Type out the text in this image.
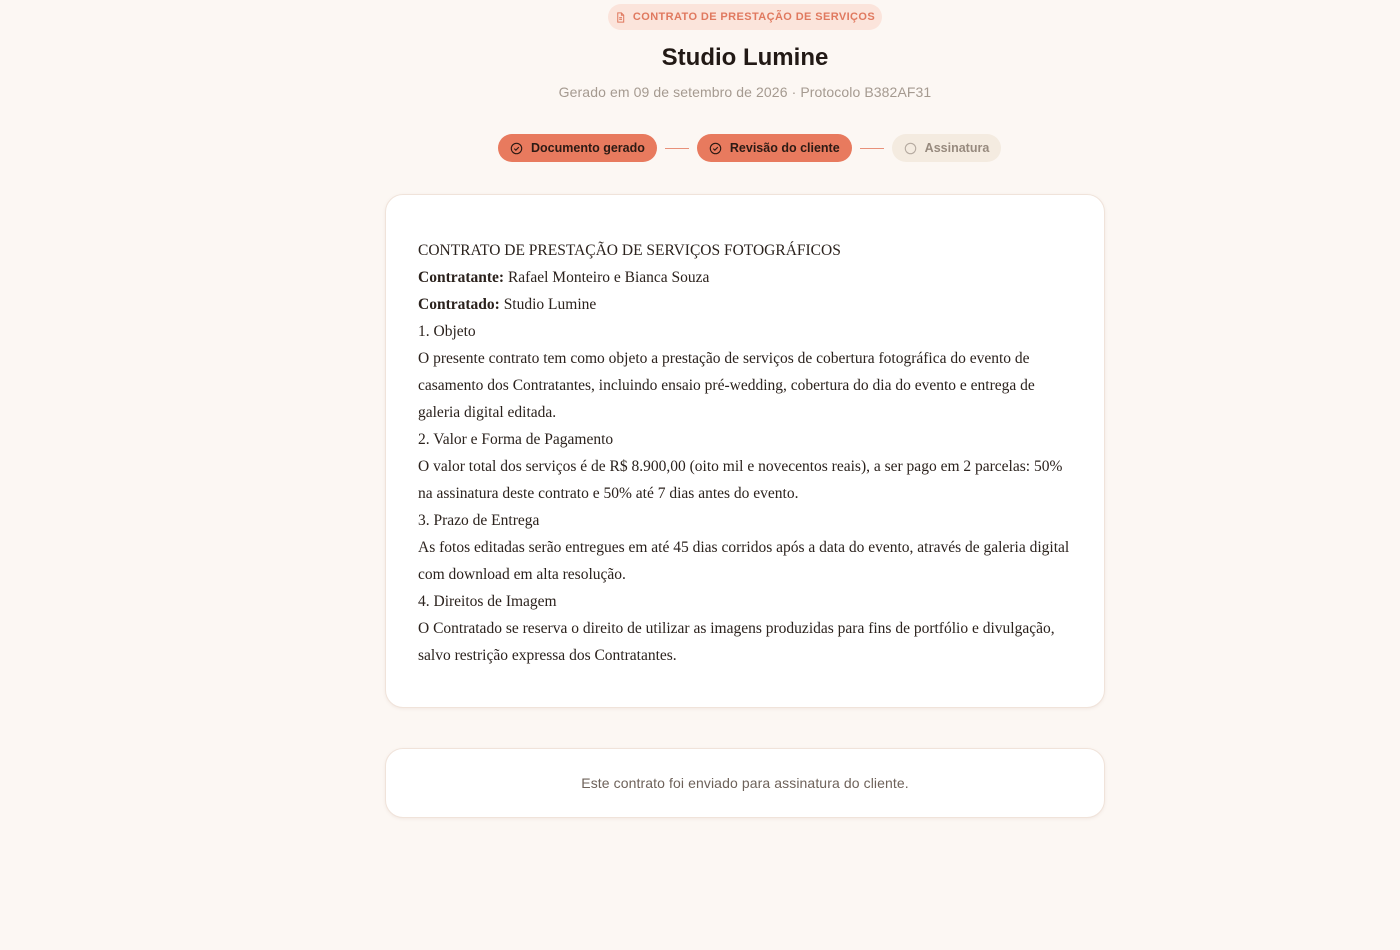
CONTRATO DE PRESTAÇÃO DE SERVIÇOS
Studio Lumine
Gerado em 09 de setembro de 2026 · Protocolo B382AF31
Documento gerado	Revisão do cliente	Assinatura

CONTRATO DE PRESTAÇÃO DE SERVIÇOS FOTOGRÁFICOS

Contratante: Rafael Monteiro e Bianca Souza

Contratado: Studio Lumine

1. Objeto

O presente contrato tem como objeto a prestação de serviços de cobertura fotográfica do evento de casamento dos Contratantes, incluindo ensaio pré-wedding, cobertura do dia do evento e entrega de galeria digital editada.

2. Valor e Forma de Pagamento

O valor total dos serviços é de R$ 8.900,00 (oito mil e novecentos reais), a ser pago em 2 parcelas: 50% na assinatura deste contrato e 50% até 7 dias antes do evento.

3. Prazo de Entrega

As fotos editadas serão entregues em até 45 dias corridos após a data do evento, através de galeria digital com download em alta resolução.

4. Direitos de Imagem

O Contratado se reserva o direito de utilizar as imagens produzidas para fins de portfólio e divulgação, salvo restrição expressa dos Contratantes.

Este contrato foi enviado para assinatura do cliente.
